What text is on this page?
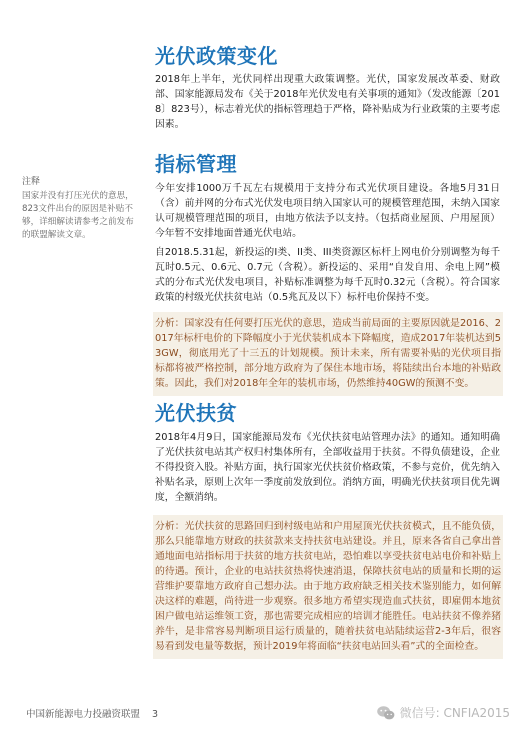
注释

国家并没有打压光伏的意思，823文件出台的原因是补贴不够，详细解读请参考之前发布的联盟解读文章。

光伏政策变化

2018年上半年，光伏同样出现重大政策调整。光伏，国家发展改革委、财政部、国家能源局发布《关于2018年光伏发电有关事项的通知》（发改能源〔2018〕823号），标志着光伏的指标管理趋于严格，降补贴成为行业政策的主要考虑因素。

指标管理

今年安排1000万千瓦左右规模用于支持分布式光伏项目建设。各地5月31日（含）前并网的分布式光伏发电项目纳入国家认可的规模管理范围，未纳入国家认可规模管理范围的项目，由地方依法予以支持。（包括商业屋顶、户用屋顶）今年暂不安排地面普通光伏电站。

自2018.5.31起，新投运的I类、II类、III类资源区标杆上网电价分别调整为每千瓦时0.5元、0.6元、0.7元（含税）。新投运的、采用“自发自用、余电上网”模式的分布式光伏发电项目，补贴标准调整为每千瓦时0.32元（含税）。符合国家政策的村级光伏扶贫电站（0.5兆瓦及以下）标杆电价保持不变。

分析：国家没有任何要打压光伏的意思，造成当前局面的主要原因就是2016、2017年标杆电价的下降幅度小于光伏装机成本下降幅度，造成2017年装机达到53GW，彻底用光了十三五的计划规模。预计未来，所有需要补贴的光伏项目指标都将被严格控制，部分地方政府为了保住本地市场，将陆续出台本地的补贴政策。因此，我们对2018年全年的装机市场，仍然维持40GW的预测不变。

光伏扶贫

2018年4月9日，国家能源局发布《光伏扶贫电站管理办法》的通知。通知明确了光伏扶贫电站其产权归村集体所有，全部收益用于扶贫。不得负债建设，企业不得投资入股。补贴方面，执行国家光伏扶贫价格政策，不参与竞价，优先纳入补贴名录，原则上次年一季度前发放到位。消纳方面，明确光伏扶贫项目优先调度，全额消纳。

分析：光伏扶贫的思路回归到村级电站和户用屋顶光伏扶贫模式，且不能负债，那么只能靠地方财政的扶贫款来支持扶贫电站建设。并且，原来各省自己拿出普通地面电站指标用于扶贫的地方扶贫电站，恐怕难以享受扶贫电站电价和补贴上的待遇。预计，企业的电站扶贫热将快速消退，保障扶贫电站的质量和长期的运营维护要靠地方政府自己想办法。由于地方政府缺乏相关技术鉴别能力，如何解决这样的难题，尚待进一步观察。很多地方希望实现造血式扶贫，即雇佣本地贫困户做电站运维领工资，那也需要完成相应的培训才能胜任。电站扶贫不像养猪养牛，是非常容易判断项目运行质量的，随着扶贫电站陆续运营2-3年后，很容易看到发电量等数据，预计2019年将面临“扶贫电站回头看”式的全面检查。

中国新能源电力投融资联盟 3	微信号: CNFIA2015
